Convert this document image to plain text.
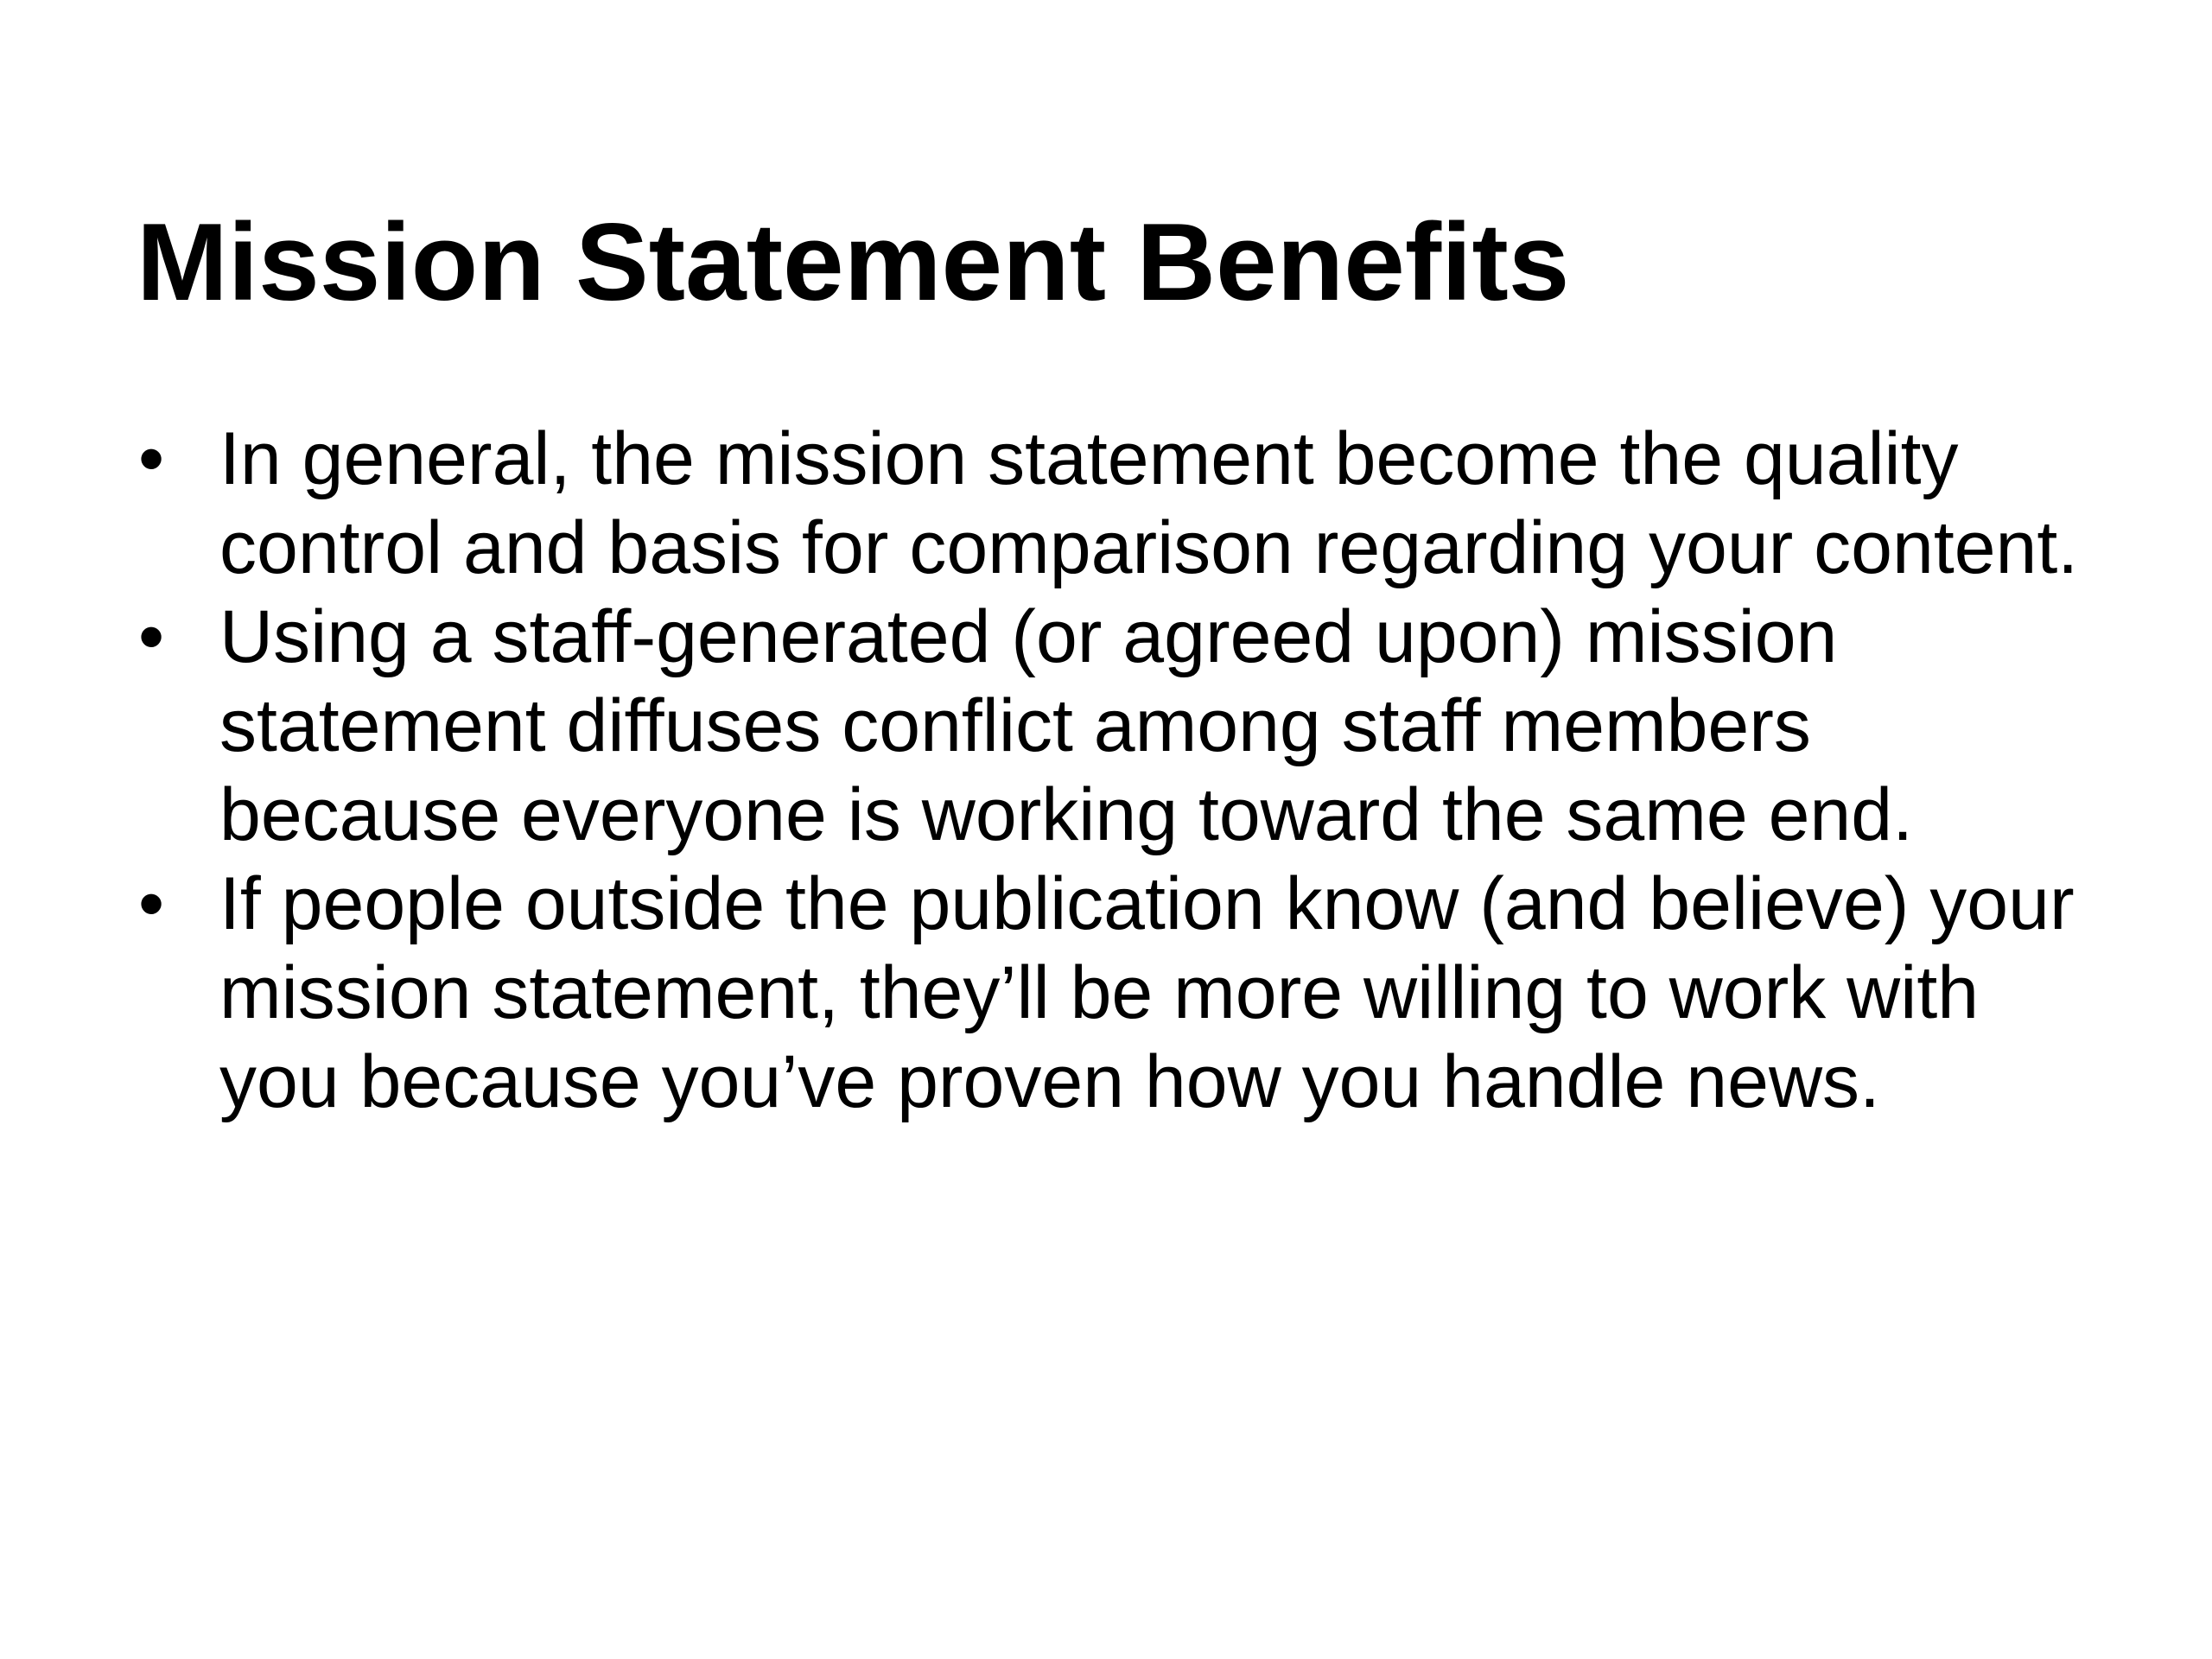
Mission Statement Benefits
• In general, the mission statement become the quality
control and basis for comparison regarding your content.
• Using a staff-generated (or agreed upon) mission
statement diffuses conflict among staff members
because everyone is working toward the same end.
• If people outside the publication know (and believe) your
mission statement, they’ll be more willing to work with
you because you’ve proven how you handle news.
